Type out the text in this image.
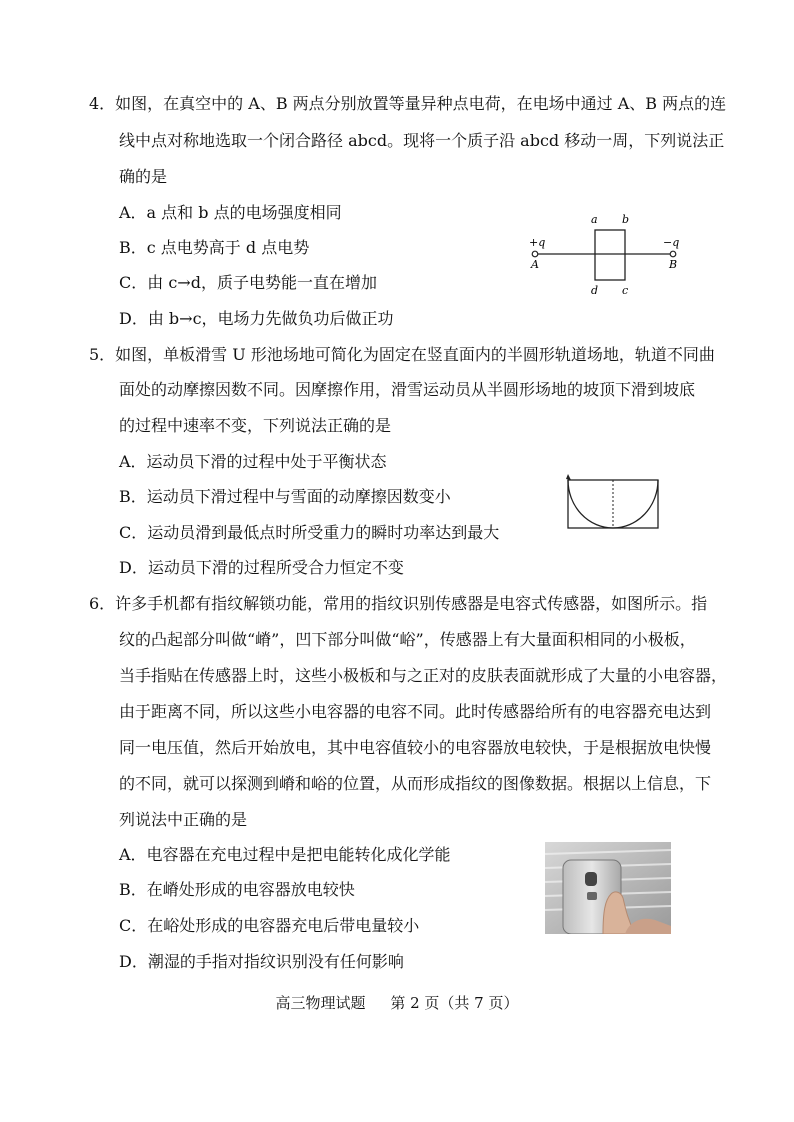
4．如图，在真空中的 A、B 两点分别放置等量异种点电荷，在电场中通过 A、B 两点的连
线中点对称地选取一个闭合路径 abcd。现将一个质子沿 abcd 移动一周，下列说法正
确的是
A．a 点和 b 点的电场强度相同
B．c 点电势高于 d 点电势
C．由 c→d，质子电势能一直在增加
D．由 b→c，电场力先做负功后做正功
a b
d c
+q	−q
A	B
5．如图，单板滑雪 U 形池场地可简化为固定在竖直面内的半圆形轨道场地，轨道不同曲
面处的动摩擦因数不同。因摩擦作用，滑雪运动员从半圆形场地的坡顶下滑到坡底
的过程中速率不变，下列说法正确的是
A．运动员下滑的过程中处于平衡状态
B．运动员下滑过程中与雪面的动摩擦因数变小
C．运动员滑到最低点时所受重力的瞬时功率达到最大
D．运动员下滑的过程所受合力恒定不变
6．许多手机都有指纹解锁功能，常用的指纹识别传感器是电容式传感器，如图所示。指
纹的凸起部分叫做“嵴”，凹下部分叫做“峪”，传感器上有大量面积相同的小极板，
当手指贴在传感器上时，这些小极板和与之正对的皮肤表面就形成了大量的小电容器，
由于距离不同，所以这些小电容器的电容不同。此时传感器给所有的电容器充电达到
同一电压值，然后开始放电，其中电容值较小的电容器放电较快，于是根据放电快慢
的不同，就可以探测到嵴和峪的位置，从而形成指纹的图像数据。根据以上信息，下
列说法中正确的是
A．电容器在充电过程中是把电能转化成化学能
B．在嵴处形成的电容器放电较快
C．在峪处形成的电容器充电后带电量较小
D．潮湿的手指对指纹识别没有任何影响
高三物理试题 第 2 页（共 7 页）
